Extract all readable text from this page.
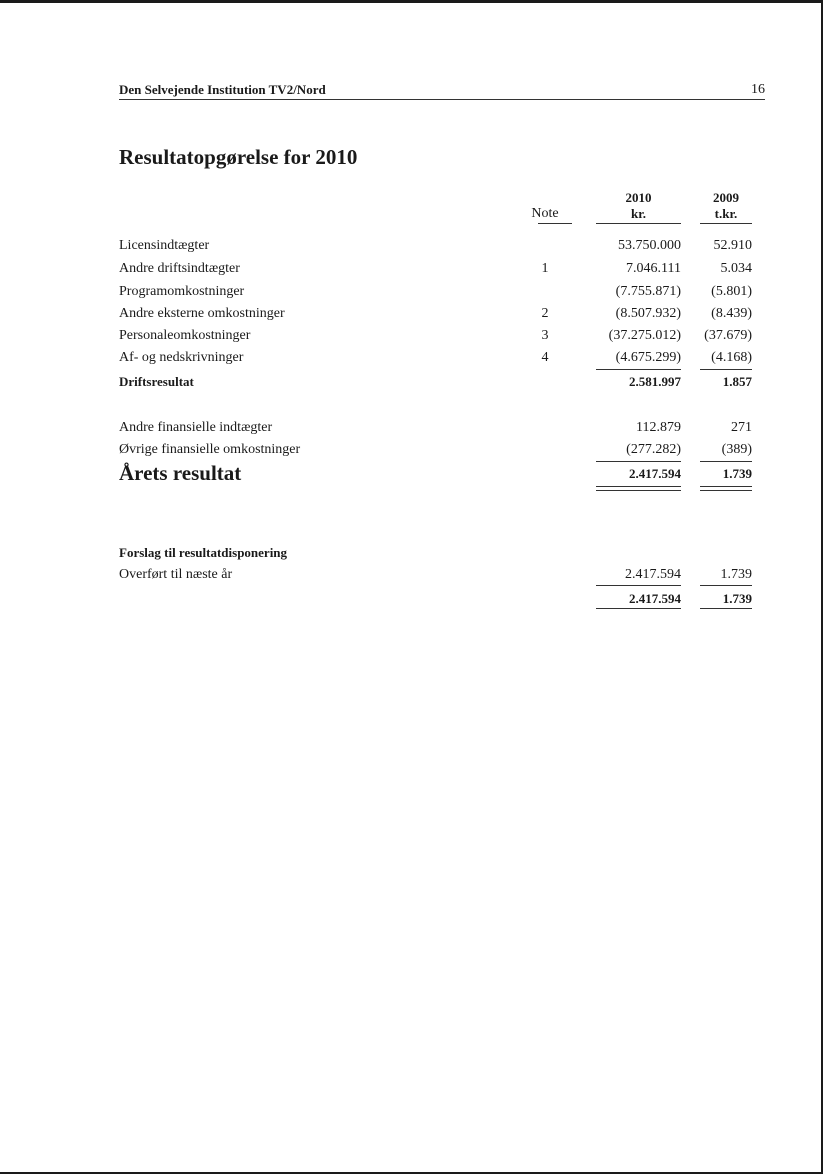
Den Selvejende Institution TV2/Nord	16
Resultatopgørelse for 2010
2010	2009
Note	kr.	t.kr.
Licensindtægter	53.750.000	52.910
Andre driftsindtægter	1	7.046.111	5.034
Programomkostninger	(7.755.871)	(5.801)
Andre eksterne omkostninger	2	(8.507.932)	(8.439)
Personaleomkostninger	3	(37.275.012) (37.679)
Af- og nedskrivninger	4	(4.675.299)	(4.168)
Driftsresultat	2.581.997	1.857
Andre finansielle indtægter	112.879	271
Øvrige finansielle omkostninger	(277.282)	(389)
Årets resultat	2.417.594	1.739
Forslag til resultatdisponering
Overført til næste år	2.417.594	1.739
2.417.594	1.739
